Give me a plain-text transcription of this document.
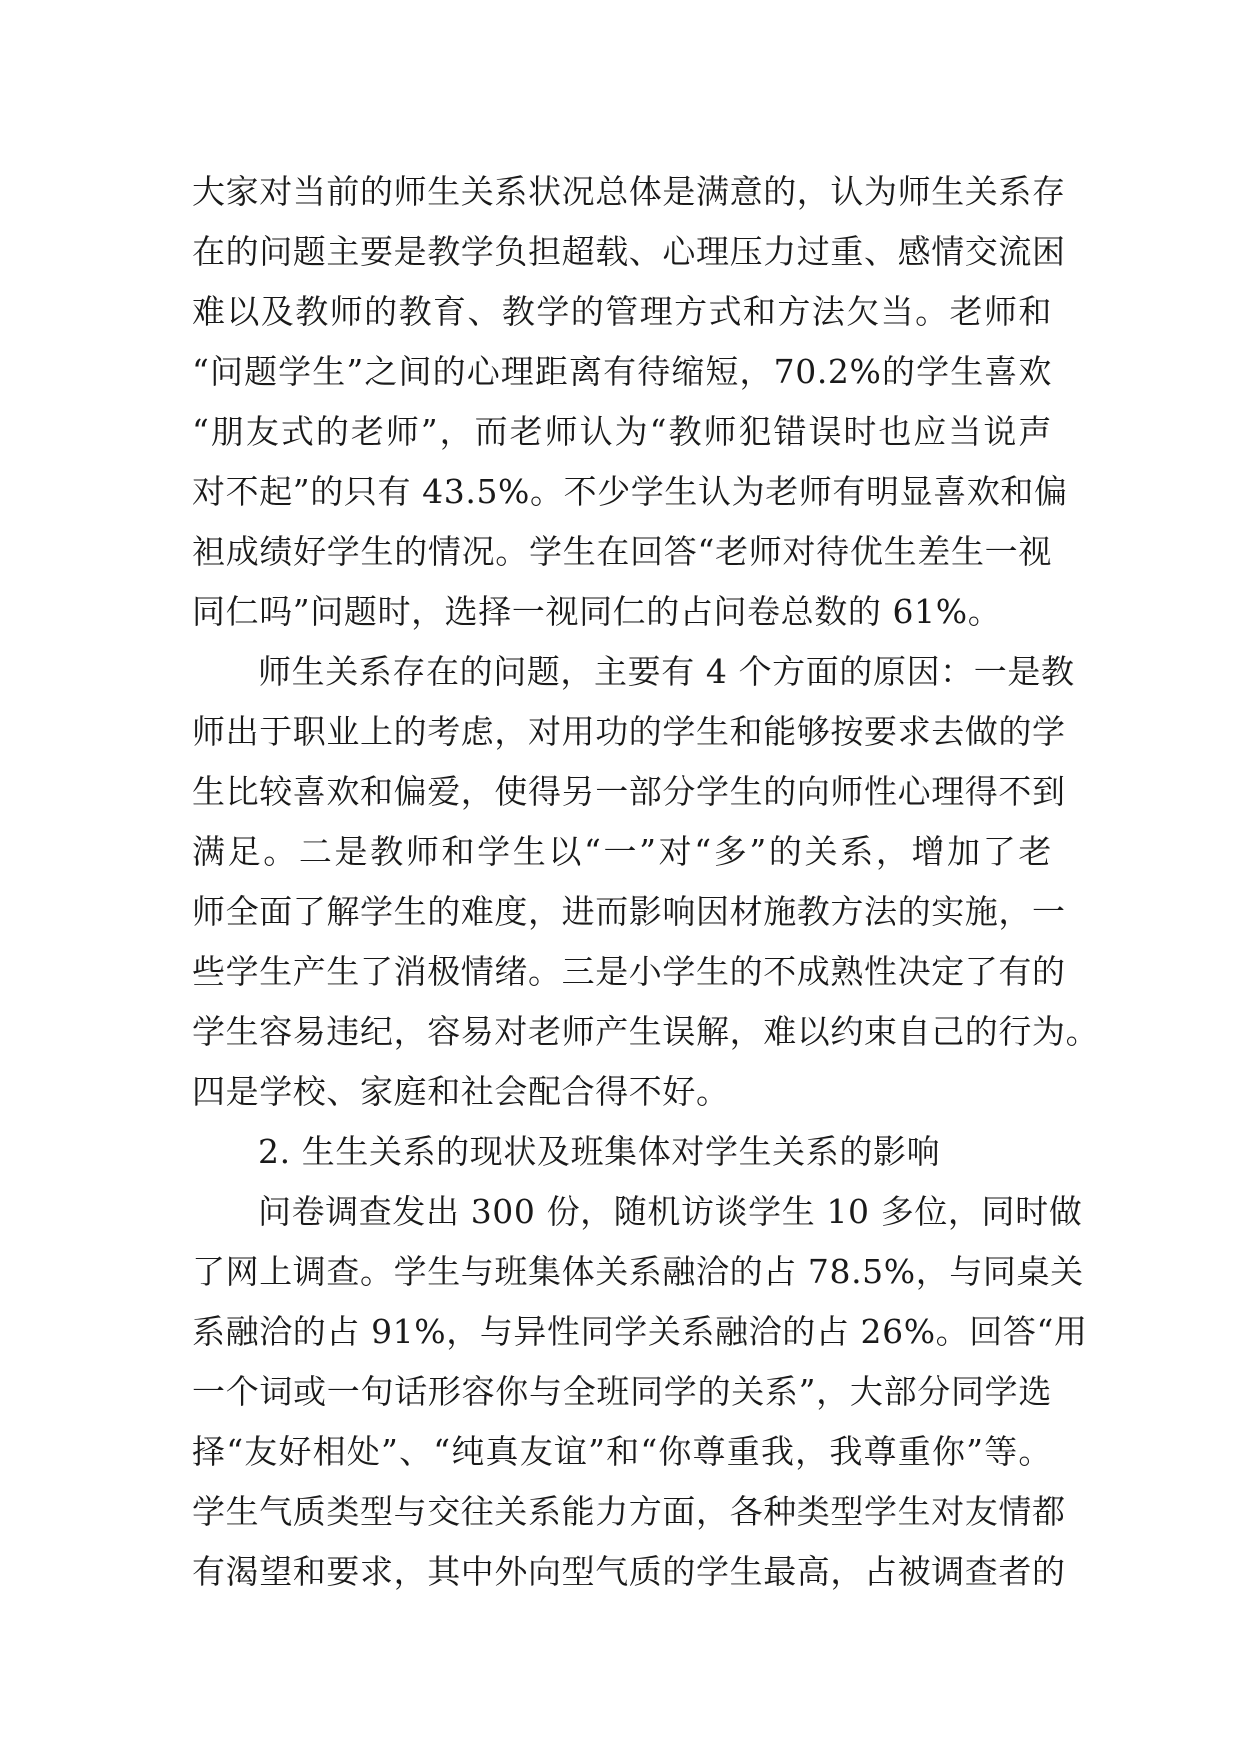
大家对当前的师生关系状况总体是满意的，认为师生关系存
在的问题主要是教学负担超载、心理压力过重、感情交流困
难以及教师的教育、教学的管理方式和方法欠当。老师和
“问题学生”之间的心理距离有待缩短，70.2%的学生喜欢
“朋友式的老师”，而老师认为“教师犯错误时也应当说声
对不起”的只有 43.5%。不少学生认为老师有明显喜欢和偏
袒成绩好学生的情况。学生在回答“老师对待优生差生一视
同仁吗”问题时，选择一视同仁的占问卷总数的 61%。
师生关系存在的问题，主要有 4 个方面的原因：一是教
师出于职业上的考虑，对用功的学生和能够按要求去做的学
生比较喜欢和偏爱，使得另一部分学生的向师性心理得不到
满足。二是教师和学生以“一”对“多”的关系，增加了老
师全面了解学生的难度，进而影响因材施教方法的实施，一
些学生产生了消极情绪。三是小学生的不成熟性决定了有的
学生容易违纪，容易对老师产生误解，难以约束自己的行为。
四是学校、家庭和社会配合得不好。
2. 生生关系的现状及班集体对学生关系的影响
问卷调查发出 300 份，随机访谈学生 10 多位，同时做
了网上调查。学生与班集体关系融洽的占 78.5%，与同桌关
系融洽的占 91%，与异性同学关系融洽的占 26%。回答“用
一个词或一句话形容你与全班同学的关系”，大部分同学选
择“友好相处”、“纯真友谊”和“你尊重我，我尊重你”等。
学生气质类型与交往关系能力方面，各种类型学生对友情都
有渴望和要求，其中外向型气质的学生最高，占被调查者的
